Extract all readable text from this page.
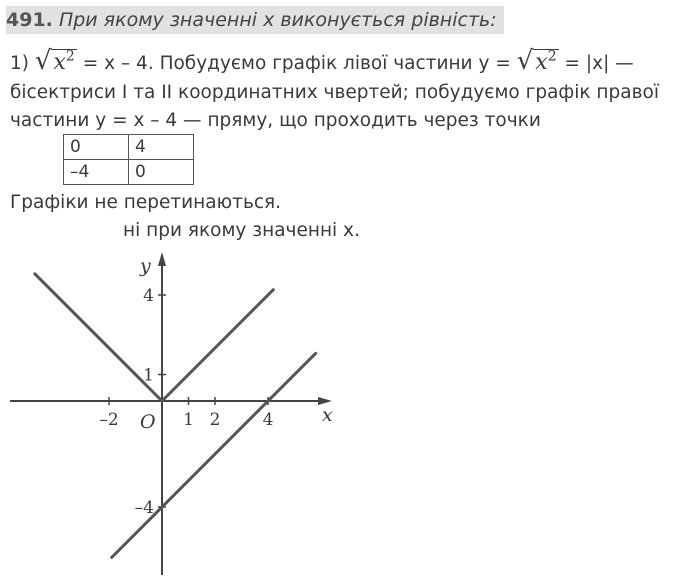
491. При якому значенні x виконується рівність:
1) $√x^2 = x - 4$. Побудуємо графік лівої частини $y = √x^2 = |x|$ —
бісектриси I та II координатних чвертей; побудуємо графік правої
частини y = x – 4 — пряму, що проходить через точки
0	4
–4	0
Графіки не перетинаються.
ні при якому значенні x.
x
y
O
–2	1 2 4
4
1
–4
